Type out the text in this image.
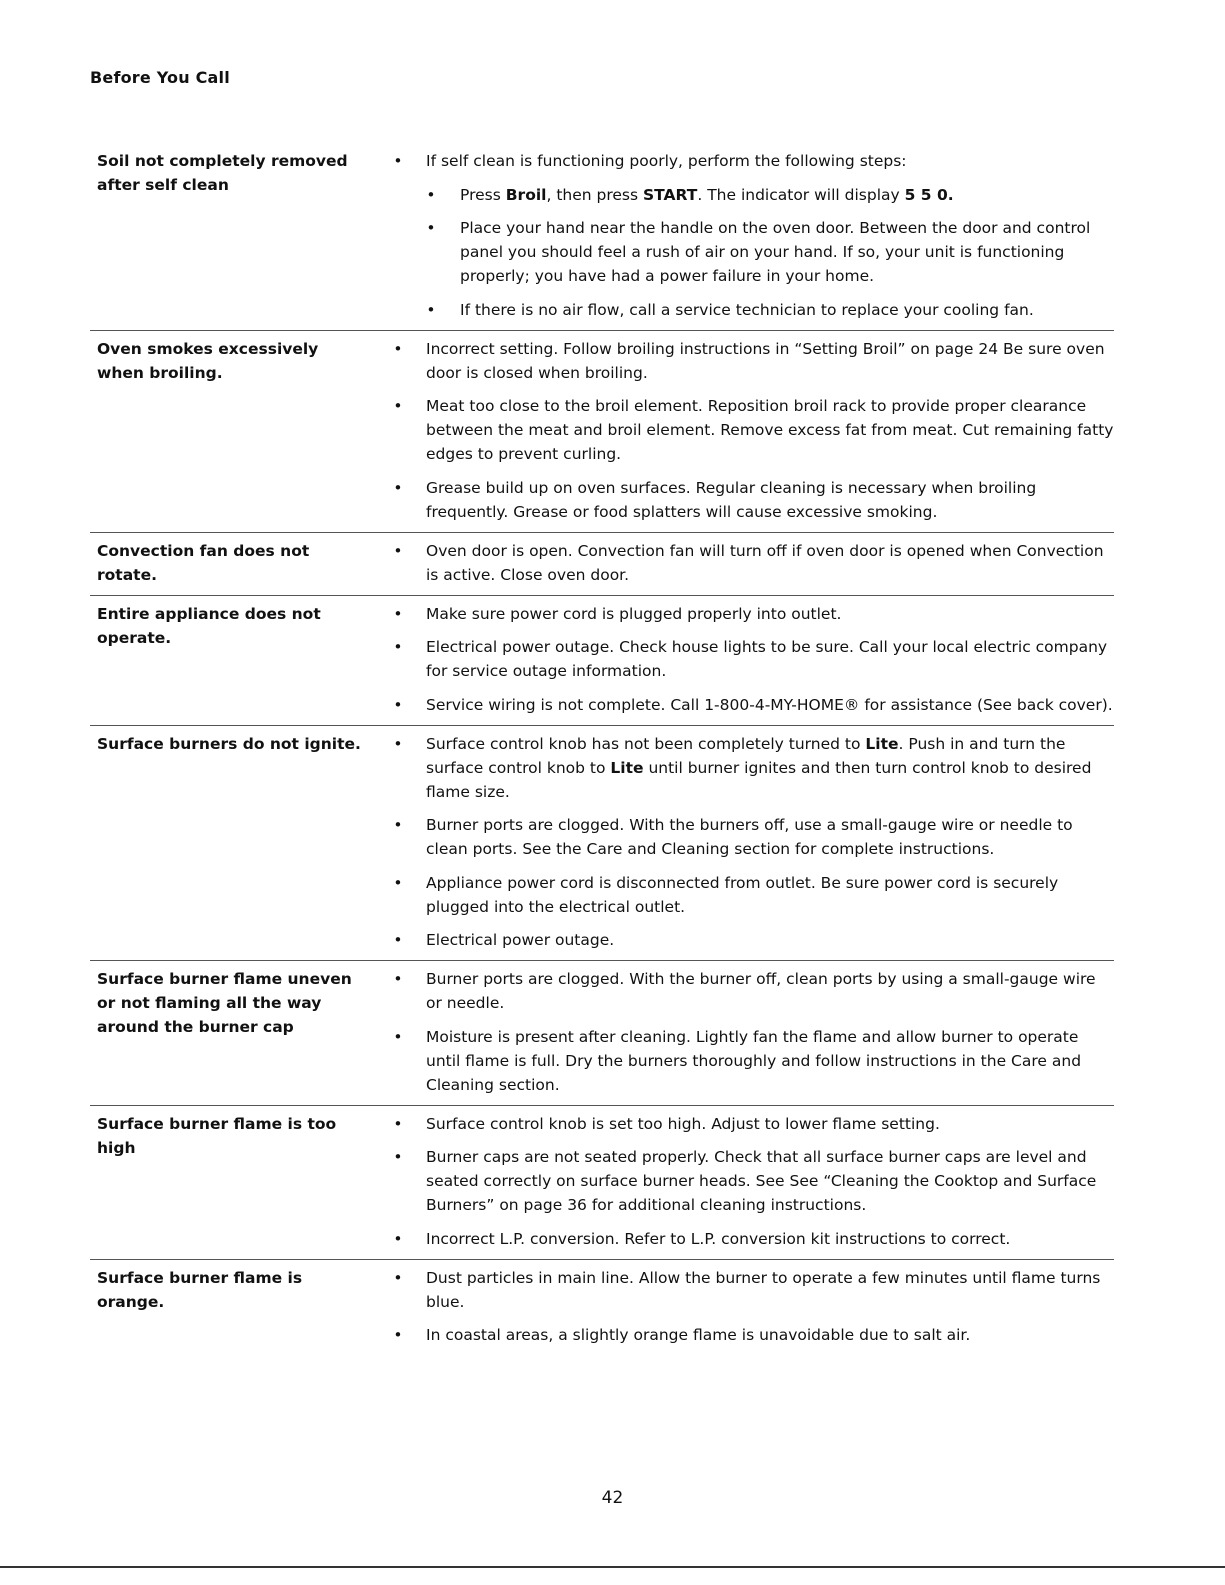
Before You Call
Soil not completely removed after self clean
• If self clean is functioning poorly, perform the following steps:
• Press Broil, then press START. The indicator will display 5 5 0.
• Place your hand near the handle on the oven door. Between the door and control panel you should feel a rush of air on your hand. If so, your unit is functioning properly; you have had a power failure in your home.
• If there is no air flow, call a service technician to replace your cooling fan.
Oven smokes excessively when broiling.
• Incorrect setting. Follow broiling instructions in “Setting Broil” on page 24 Be sure oven door is closed when broiling.
• Meat too close to the broil element. Reposition broil rack to provide proper clearance between the meat and broil element. Remove excess fat from meat. Cut remaining fatty edges to prevent curling.
• Grease build up on oven surfaces. Regular cleaning is necessary when broiling frequently. Grease or food splatters will cause excessive smoking.
Convection fan does not rotate.
• Oven door is open. Convection fan will turn off if oven door is opened when Convection is active. Close oven door.
Entire appliance does not operate.
• Make sure power cord is plugged properly into outlet.
• Electrical power outage. Check house lights to be sure. Call your local electric company for service outage information.
• Service wiring is not complete. Call 1-800-4-MY-HOME® for assistance (See back cover).
Surface burners do not ignite.	• Surface control knob has not been completely turned to Lite. Push in and turn the surface control knob to Lite until burner ignites and then turn control knob to desired flame size.
• Burner ports are clogged. With the burners off, use a small-gauge wire or needle to clean ports. See the Care and Cleaning section for complete instructions.
• Appliance power cord is disconnected from outlet. Be sure power cord is securely plugged into the electrical outlet.
• Electrical power outage.
Surface burner flame uneven or not flaming all the way around the burner cap
• Burner ports are clogged. With the burner off, clean ports by using a small-gauge wire or needle.
• Moisture is present after cleaning. Lightly fan the flame and allow burner to operate until flame is full. Dry the burners thoroughly and follow instructions in the Care and Cleaning section.
Surface burner flame is too high
• Surface control knob is set too high. Adjust to lower flame setting.
• Burner caps are not seated properly. Check that all surface burner caps are level and seated correctly on surface burner heads. See See “Cleaning the Cooktop and Surface Burners” on page 36 for additional cleaning instructions.
• Incorrect L.P. conversion. Refer to L.P. conversion kit instructions to correct.
Surface burner flame is orange.
• Dust particles in main line. Allow the burner to operate a few minutes until flame turns blue.
• In coastal areas, a slightly orange flame is unavoidable due to salt air.
42
